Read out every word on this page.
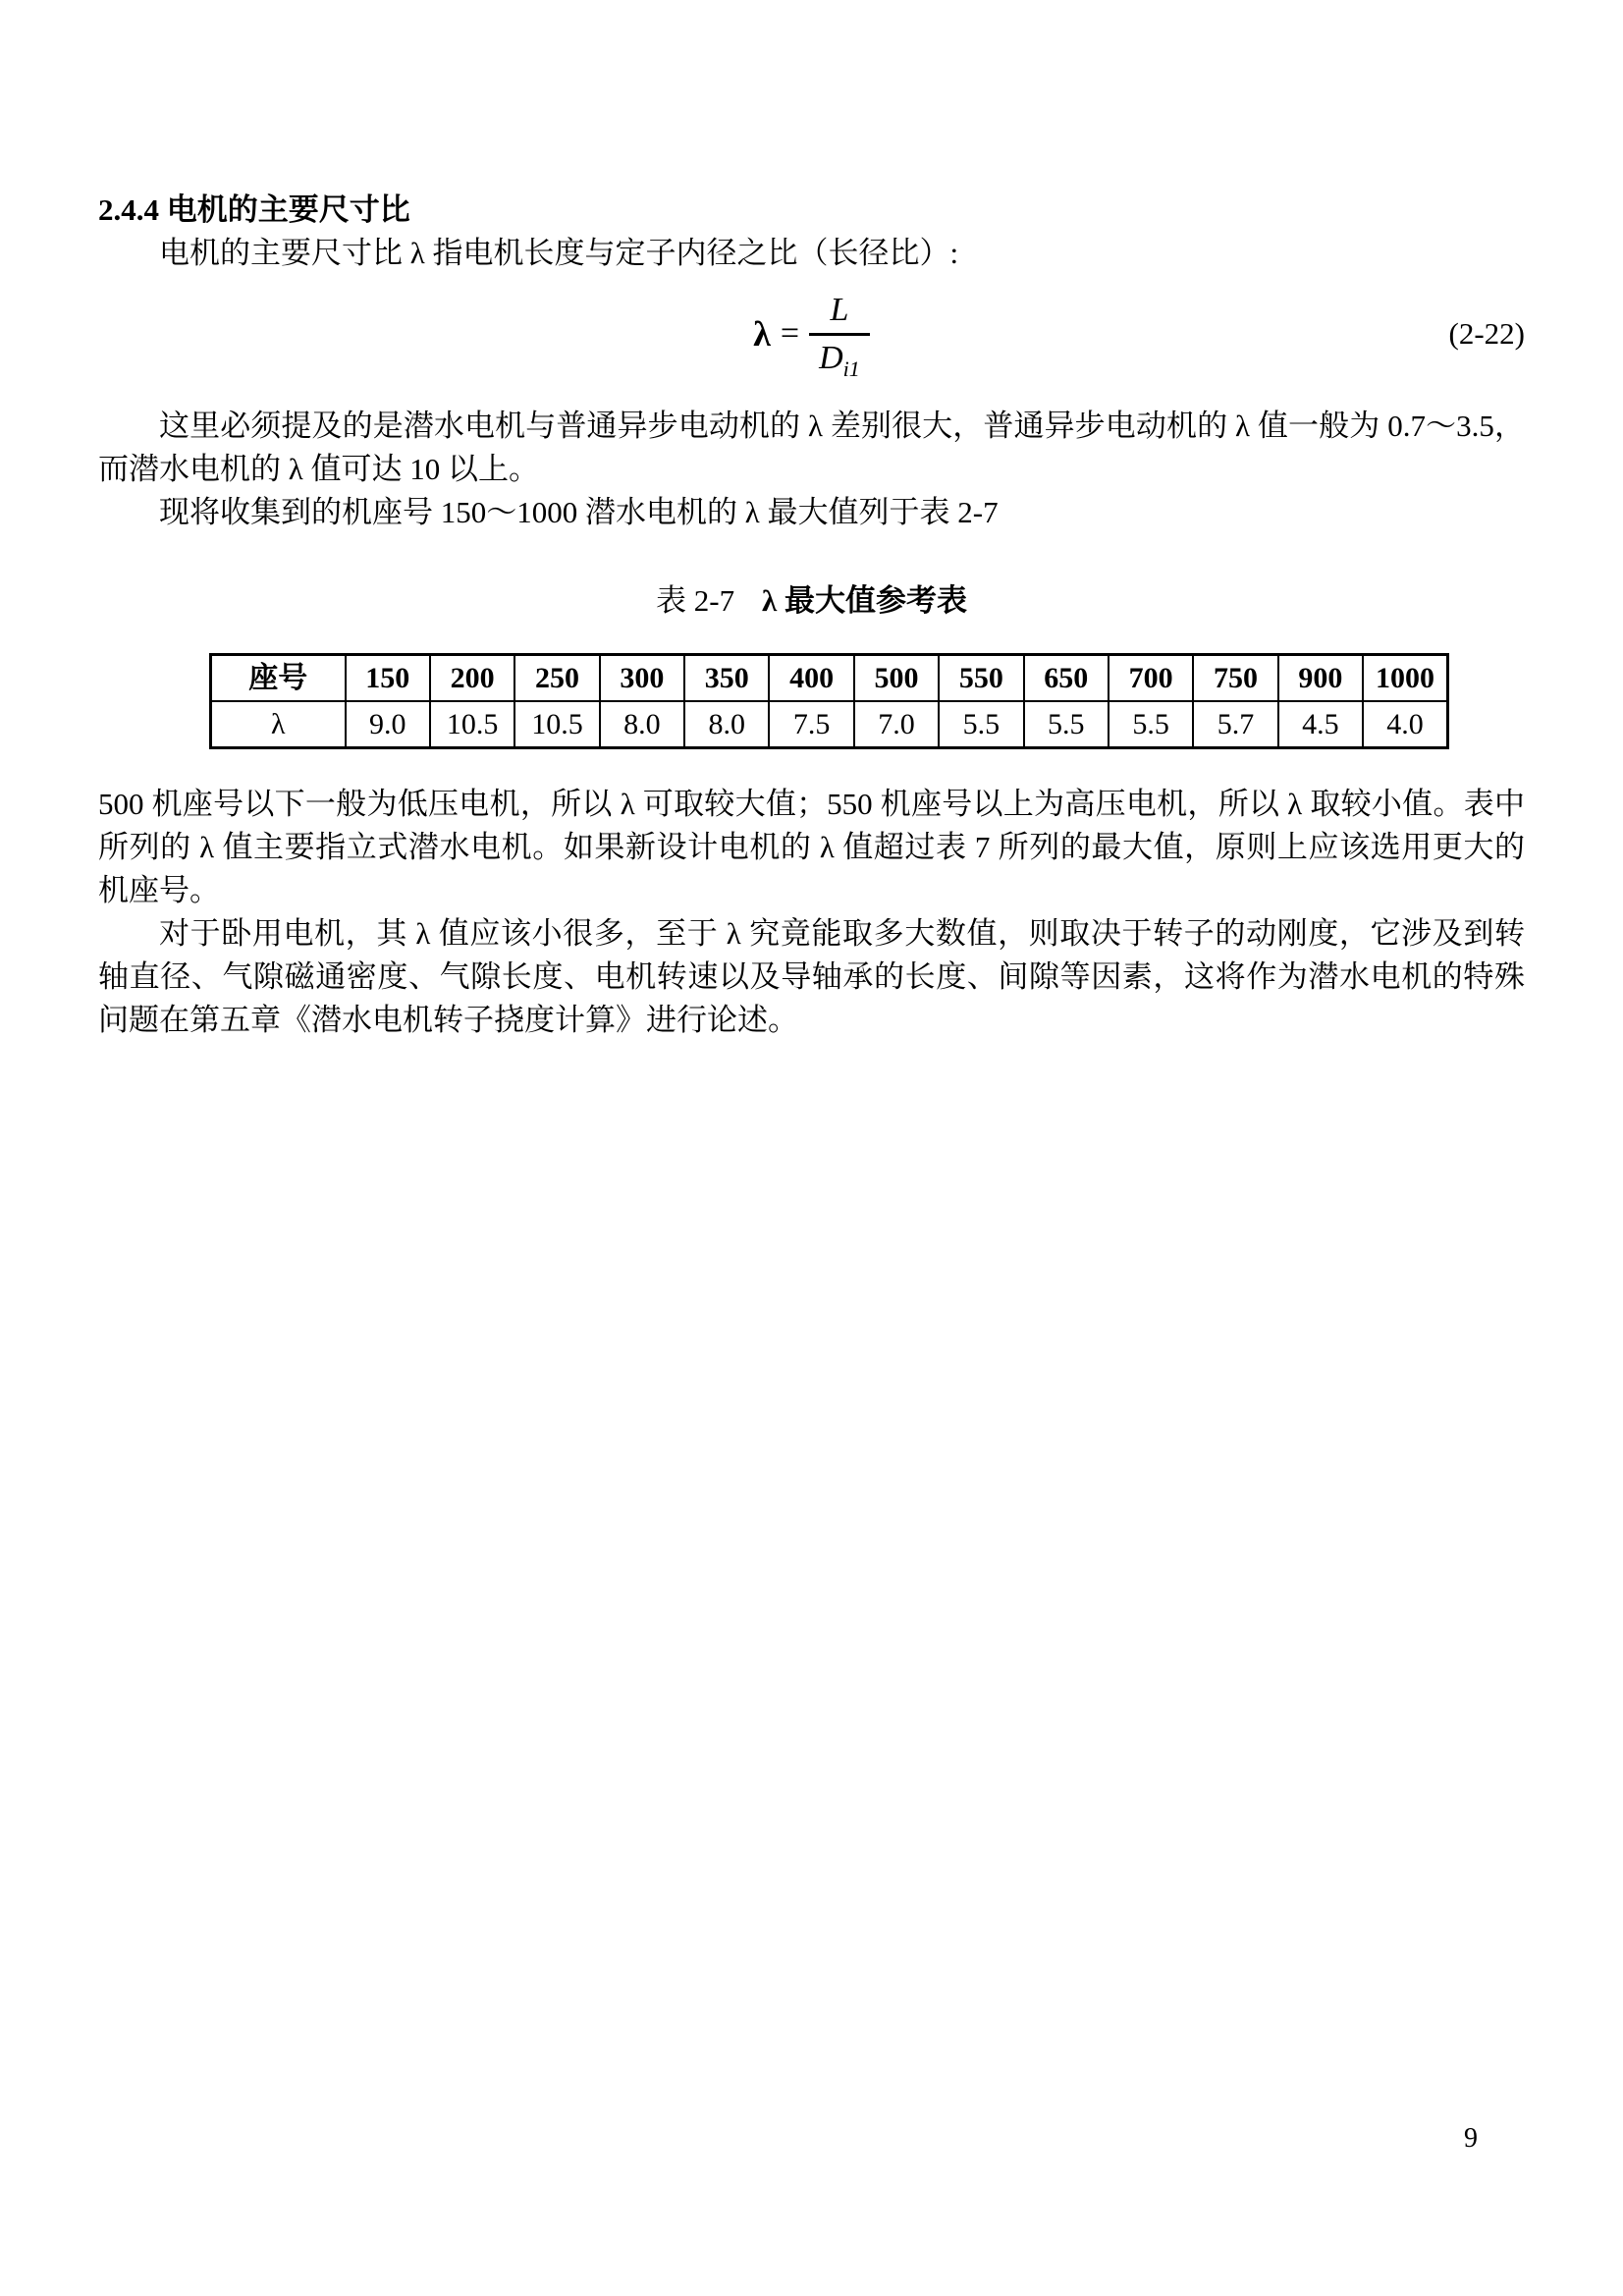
2.4.4 电机的主要尺寸比

电机的主要尺寸比 λ 指电机长度与定子内径之比（长径比）:

$\lambda = \frac{L}{D_{i1}}$	(2-22)

这里必须提及的是潜水电机与普通异步电动机的 λ 差别很大，普通异步电动机的 λ 值一般为 0.7～3.5，而潜水电机的 λ 值可达 10 以上。

现将收集到的机座号 150～1000 潜水电机的 λ 最大值列于表 2-7

表 2-7 λ 最大值参考表

座号	150	200	250	300	350	400	500	550	650	700	750	900	1000
λ	9.0	10.5	10.5	8.0	8.0	7.5	7.0	5.5	5.5	5.5	5.7	4.5	4.0

500 机座号以下一般为低压电机，所以 λ 可取较大值；550 机座号以上为高压电机，所以 λ 取较小值。表中所列的 λ 值主要指立式潜水电机。如果新设计电机的 λ 值超过表 7 所列的最大值，原则上应该选用更大的机座号。

对于卧用电机，其 λ 值应该小很多，至于 λ 究竟能取多大数值，则取决于转子的动刚度，它涉及到转轴直径、气隙磁通密度、气隙长度、电机转速以及导轴承的长度、间隙等因素，这将作为潜水电机的特殊问题在第五章《潜水电机转子挠度计算》进行论述。

9
